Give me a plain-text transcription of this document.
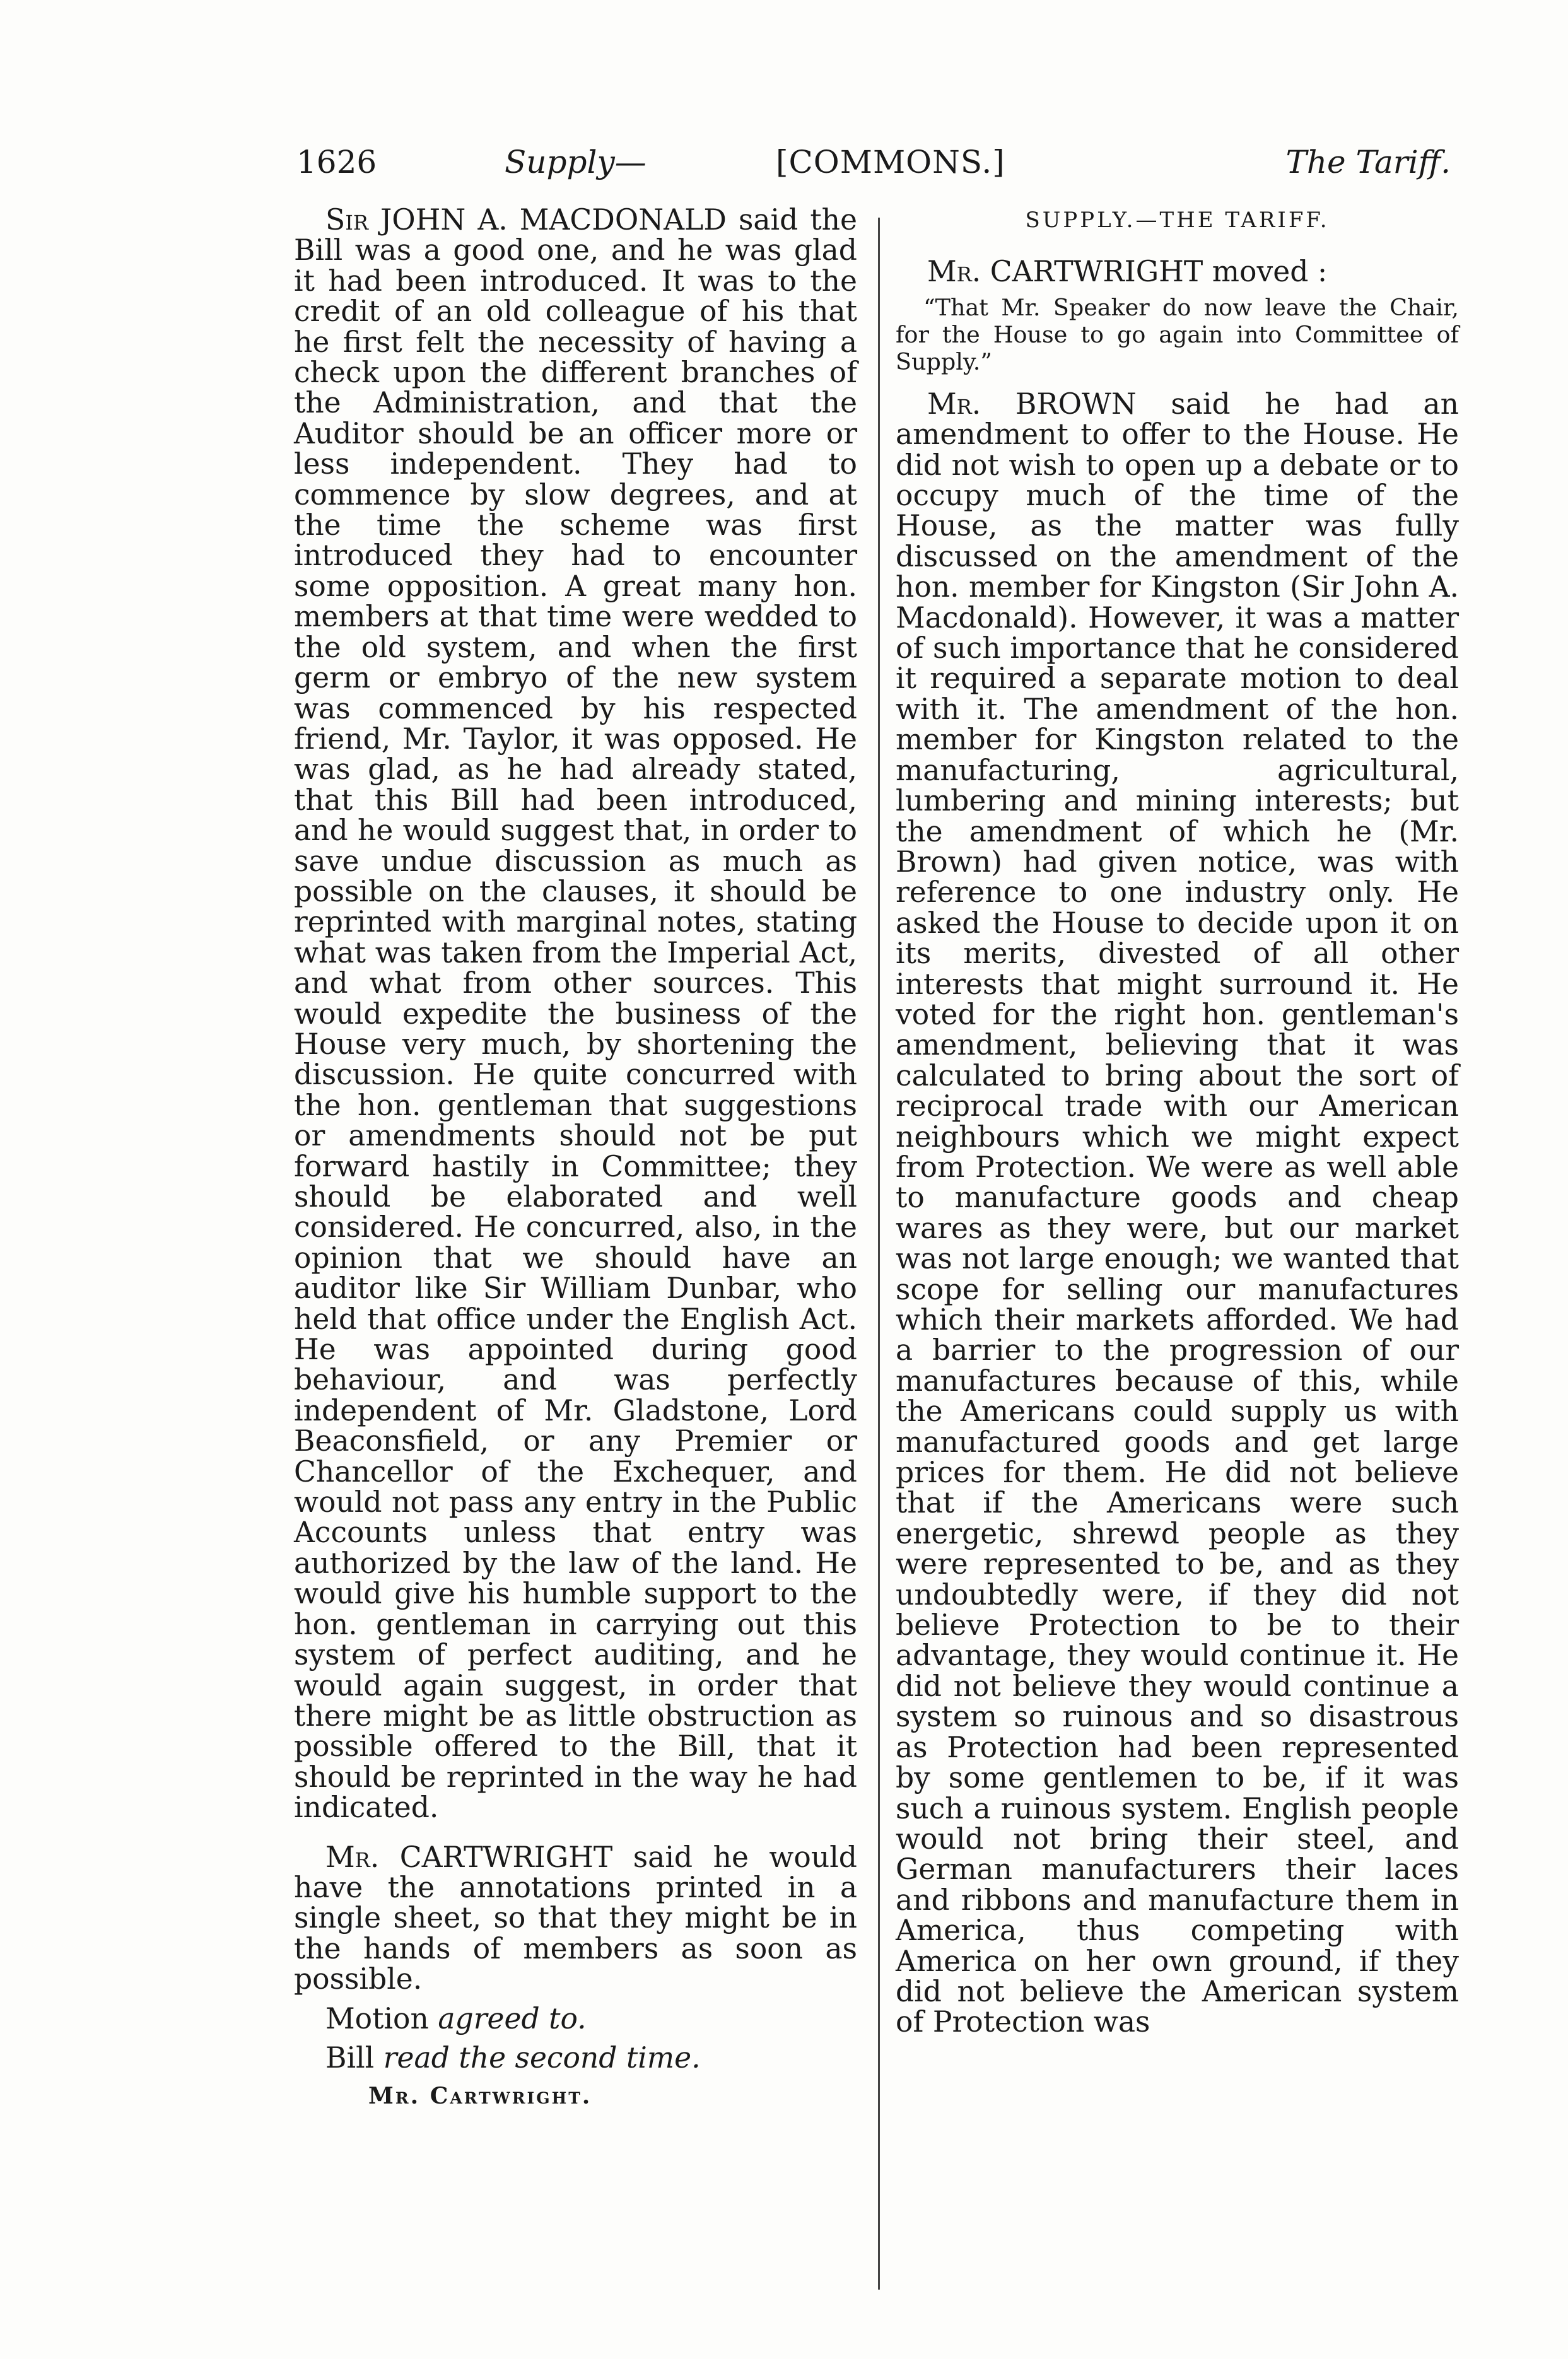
1626	Supply—	[COMMONS.]	The Tariff.

Sir JOHN A. MACDONALD said the Bill was a good one, and he was glad it had been introduced. It was to the credit of an old colleague of his that he first felt the necessity of having a check upon the different branches of the Administration, and that the Auditor should be an officer more or less independent. They had to commence by slow degrees, and at the time the scheme was first introduced they had to encounter some opposition. A great many hon. members at that time were wedded to the old system, and when the first germ or embryo of the new system was commenced by his respected friend, Mr. Taylor, it was opposed. He was glad, as he had already stated, that this Bill had been introduced, and he would suggest that, in order to save undue discussion as much as possible on the clauses, it should be reprinted with marginal notes, stating what was taken from the Imperial Act, and what from other sources. This would expedite the business of the House very much, by shortening the discussion. He quite concurred with the hon. gentleman that suggestions or amendments should not be put forward hastily in Committee; they should be elaborated and well considered. He concurred, also, in the opinion that we should have an auditor like Sir William Dunbar, who held that office under the English Act. He was appointed during good behaviour, and was perfectly independent of Mr. Gladstone, Lord Beaconsfield, or any Premier or Chancellor of the Exchequer, and would not pass any entry in the Public Accounts unless that entry was authorized by the law of the land. He would give his humble support to the hon. gentleman in carrying out this system of perfect auditing, and he would again suggest, in order that there might be as little obstruction as possible offered to the Bill, that it should be reprinted in the way he had indicated.

Mr. CARTWRIGHT said he would have the annotations printed in a single sheet, so that they might be in the hands of members as soon as possible.

Motion agreed to.

Bill read the second time.

Mr. Cartwright.

SUPPLY.—THE TARIFF.

Mr. CARTWRIGHT moved :

“That Mr. Speaker do now leave the Chair, for the House to go again into Committee of Supply.”

Mr. BROWN said he had an amendment to offer to the House. He did not wish to open up a debate or to occupy much of the time of the House, as the matter was fully discussed on the amendment of the hon. member for Kingston (Sir John A. Macdonald). However, it was a matter of such importance that he considered it required a separate motion to deal with it. The amendment of the hon. member for Kingston related to the manufacturing, agricultural, lumbering and mining interests; but the amendment of which he (Mr. Brown) had given notice, was with reference to one industry only. He asked the House to decide upon it on its merits, divested of all other interests that might surround it. He voted for the right hon. gentleman's amendment, believing that it was calculated to bring about the sort of reciprocal trade with our American neighbours which we might expect from Protection. We were as well able to manufacture goods and cheap wares as they were, but our market was not large enough; we wanted that scope for selling our manufactures which their markets afforded. We had a barrier to the progression of our manufactures because of this, while the Americans could supply us with manufactured goods and get large prices for them. He did not believe that if the Americans were such energetic, shrewd people as they were represented to be, and as they undoubtedly were, if they did not believe Protection to be to their advantage, they would continue it. He did not believe they would continue a system so ruinous and so disastrous as Protection had been represented by some gentlemen to be, if it was such a ruinous system. English people would not bring their steel, and German manufacturers their laces and ribbons and manufacture them in America, thus competing with America on her own ground, if they did not believe the American system of Protection was
